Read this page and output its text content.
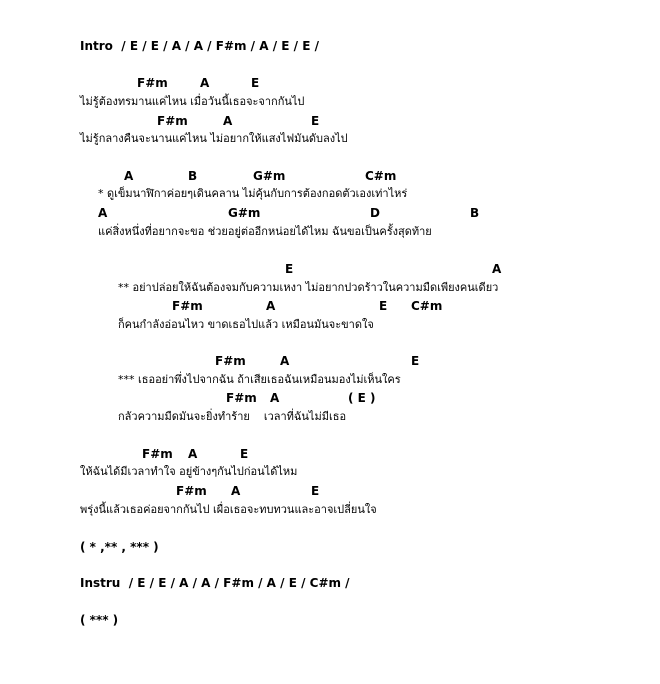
Intro  / E / E / A / A / F#m / A / E / E /
F#m	A	E
ไม่รู้ต้องทรมานแค่ไหน เมื่อวันนี้เธอจะจากกันไป
F#m	A	E
ไม่รู้กลางคืนจะนานแค่ไหน ไม่อยากให้แสงไฟมันดับลงไป
A	B	G#m	C#m
* ดูเข็มนาฬิกาค่อยๆเดินคลาน ไม่คุ้นกับการต้องกอดตัวเองเท่าไหร่
A	G#m	D	B
แค่สิ่งหนึ่งที่อยากจะขอ ช่วยอยู่ต่ออีกหน่อยได้ไหม ฉันขอเป็นครั้งสุดท้าย
E	A
** อย่าปล่อยให้ฉันต้องจมกับความเหงา ไม่อยากปวดร้าวในความมืดเพียงคนเดียว
F#m	A	E C#m
ก็คนกำลังอ่อนไหว ขาดเธอไปแล้ว เหมือนมันจะขาดใจ
F#m	A	E
*** เธออย่าพึ่งไปจากฉัน ถ้าเสียเธอฉันเหมือนมองไม่เห็นใคร
F#m A	( E )
กลัวความมืดมันจะยิ่งทำร้าย    เวลาที่ฉันไม่มีเธอ
F#m A	E
ให้ฉันได้มีเวลาทำใจ อยู่ข้างๆกันไปก่อนได้ไหม
F#m A	E
พรุ่งนี้แล้วเธอค่อยจากกันไป เผื่อเธอจะทบทวนและอาจเปลี่ยนใจ
( * ,** , *** )
Instru  / E / E / A / A / F#m / A / E / C#m /
( *** )
